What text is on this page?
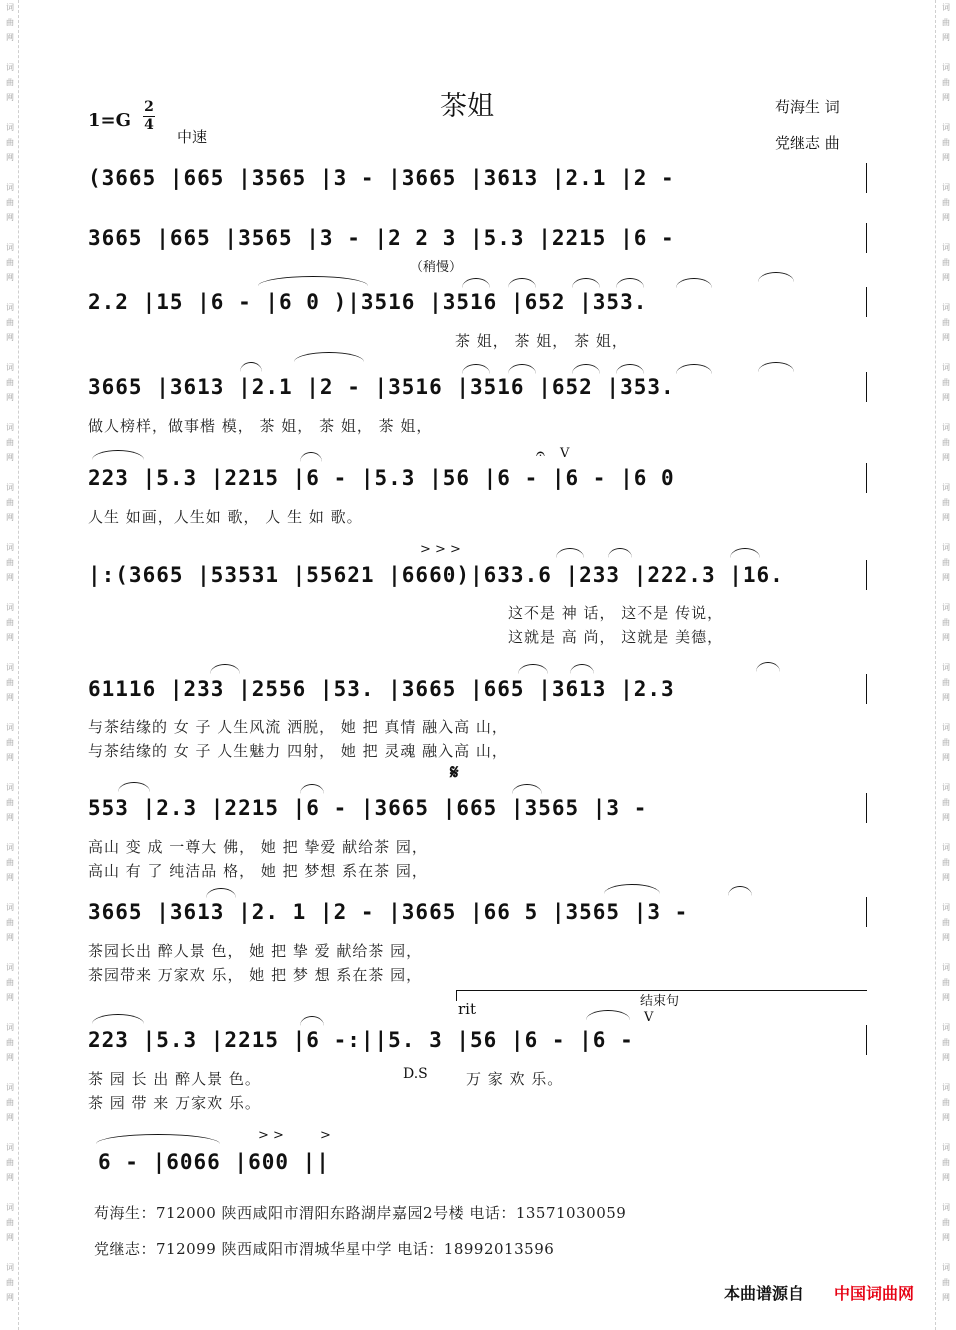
词
曲
网
词
曲
网
词
曲
网
词
曲
网
词
曲
网
词
曲
网
词
曲
网
词
曲
网
词
曲
网
词
曲
网
词
曲
网
词
曲
网
词
曲
网
词
曲
网
词
曲
网
词
曲
网
词
曲
网
词
曲
网
词
曲
网
词
曲
网
词
曲
网
词
曲
网
词
曲
网
词
曲
网
词
曲
网
词
曲
网
词
曲
网
词
曲
网
词
曲
网
词
曲
网
词
曲
网
词
曲
网
词
曲
网
词
曲
网
词
曲
网
词
曲
网
词
曲
网
词
曲
网
词
曲
网
词
曲
网
词
曲
网
词
曲
网
词
曲
网
词
曲
网
茶姐
1=G
2
4
中速
苟海生 词
党继志 曲
(3665 |665 |3565 |3 - |3665 |3613 |2.1 |2 -
3665 |665 |3565 |3 - |2 2 3 |5.3 |2215 |6 -
（稍慢）
2.2 |15 |6 - |6 0 )|3516 |3516 |652 |353.
茶 姐， 茶 姐， 茶 姐，
3665 |3613 |2.1 |2 - |3516 |3516 |652 |353.
做人榜样，做事楷 模， 茶 姐， 茶 姐， 茶 姐，
𝄐 V
223 |5.3 |2215 |6 - |5.3 |56 |6 - |6 - |6 0
人生 如画，人生如 歌， 人 生 如 歌。
> > >
|:(3665 |53531 |55621 |6660)|633.6 |233 |222.3 |16.
这不是 神 话， 这不是 传说，
这就是 高 尚， 这就是 美德，
61116 |233 |2556 |53. |3665 |665 |3613 |2.3
与茶结缘的 女 子 人生风流 洒脱， 她 把 真情 融入高 山，
与茶结缘的 女 子 人生魅力 四射， 她 把 灵魂 融入高 山，
𝄋
553 |2.3 |2215 |6 - |3665 |665 |3565 |3 -
高山 变 成 一尊大 佛， 她 把 挚爱 献给茶 园，
高山 有 了 纯洁品 格， 她 把 梦想 系在茶 园，
3665 |3613 |2. 1 |2 - |3665 |66 5 |3565 |3 -
茶园长出 醉人景 色， 她 把 挚 爱 献给茶 园，
茶园带来 万家欢 乐， 她 把 梦 想 系在茶 园，
rit	结束句
V
223 |5.3 |2215 |6 -:||5. 3 |56 |6 - |6 -
茶 园 长 出 醉人景 色。
茶 园 带 来 万家欢 乐。
D.S	万 家 欢 乐。
> >	>
6 - |6066 |600 ||
苟海生：712000 陕西咸阳市渭阳东路湖岸嘉园2号楼 电话：13571030059
党继志：712099 陕西咸阳市渭城华星中学 电话：18992013596
本曲谱源自 中国词曲网
